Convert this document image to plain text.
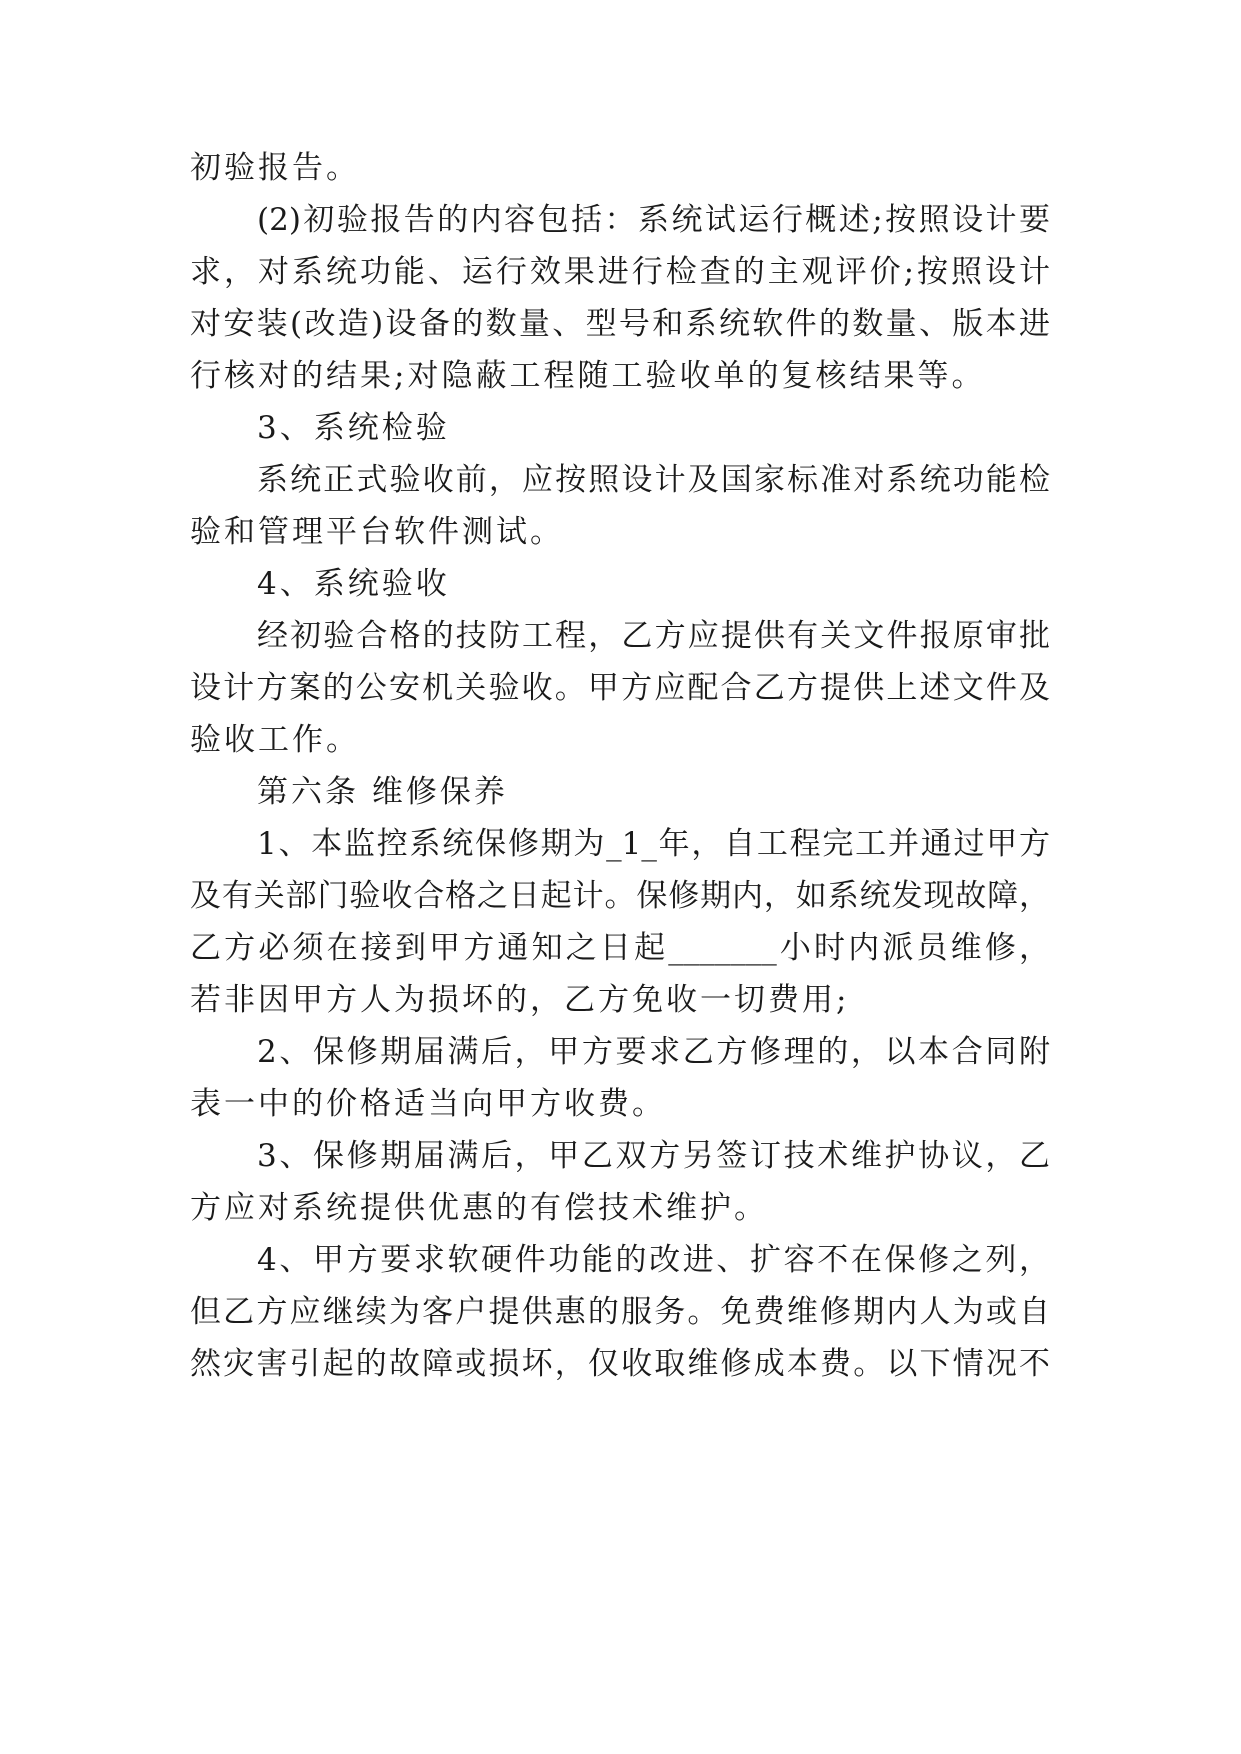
初验报告。
(2)初验报告的内容包括：系统试运行概述;按照设计要
求，对系统功能、运行效果进行检查的主观评价;按照设计
对安装(改造)设备的数量、型号和系统软件的数量、版本进
行核对的结果;对隐蔽工程随工验收单的复核结果等。
3、系统检验
系统正式验收前，应按照设计及国家标准对系统功能检
验和管理平台软件测试。
4、系统验收
经初验合格的技防工程，乙方应提供有关文件报原审批
设计方案的公安机关验收。甲方应配合乙方提供上述文件及
验收工作。
第六条 维修保养
1、本监控系统保修期为_1_年，自工程完工并通过甲方
及有关部门验收合格之日起计。保修期内，如系统发现故障，
乙方必须在接到甲方通知之日起_______小时内派员维修，
若非因甲方人为损坏的，乙方免收一切费用;
2、保修期届满后，甲方要求乙方修理的，以本合同附
表一中的价格适当向甲方收费。
3、保修期届满后，甲乙双方另签订技术维护协议，乙
方应对系统提供优惠的有偿技术维护。
4、甲方要求软硬件功能的改进、扩容不在保修之列，
但乙方应继续为客户提供惠的服务。免费维修期内人为或自
然灾害引起的故障或损坏，仅收取维修成本费。以下情况不
